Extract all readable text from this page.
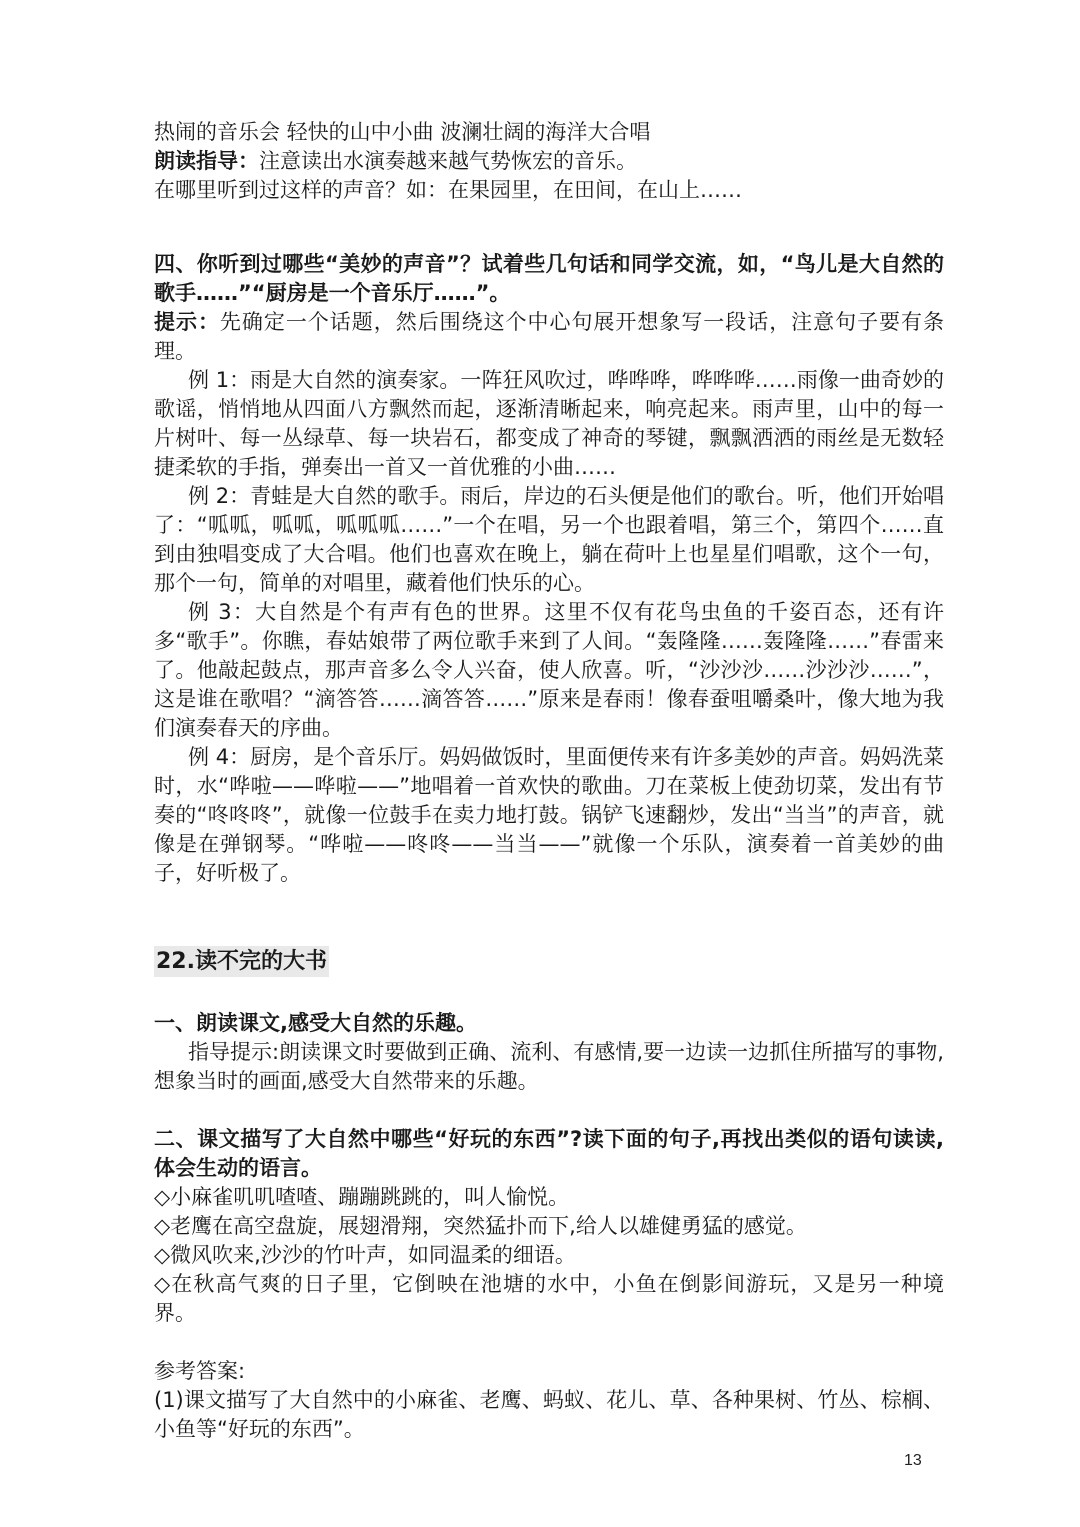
热闹的音乐会 轻快的山中小曲 波澜壮阔的海洋大合唱

朗读指导：注意读出水演奏越来越气势恢宏的音乐。

在哪里听到过这样的声音？如：在果园里，在田间，在山上……

四、你听到过哪些“美妙的声音”？试着些几句话和同学交流，如，“鸟儿是大自然的歌手……”“厨房是一个音乐厅……”。

提示：先确定一个话题，然后围绕这个中心句展开想象写一段话，注意句子要有条理。

例 1：雨是大自然的演奏家。一阵狂风吹过，哗哗哗，哗哗哗……雨像一曲奇妙的歌谣，悄悄地从四面八方飘然而起，逐渐清晰起来，响亮起来。雨声里，山中的每一片树叶、每一丛绿草、每一块岩石，都变成了神奇的琴键，飘飘洒洒的雨丝是无数轻捷柔软的手指，弹奏出一首又一首优雅的小曲……

例 2：青蛙是大自然的歌手。雨后，岸边的石头便是他们的歌台。听，他们开始唱了：“呱呱，呱呱，呱呱呱……”一个在唱，另一个也跟着唱，第三个，第四个……直到由独唱变成了大合唱。他们也喜欢在晚上，躺在荷叶上也星星们唱歌，这个一句，那个一句，简单的对唱里，藏着他们快乐的心。

例 3：大自然是个有声有色的世界。这里不仅有花鸟虫鱼的千姿百态，还有许多“歌手”。你瞧，春姑娘带了两位歌手来到了人间。“轰隆隆……轰隆隆……”春雷来了。他敲起鼓点，那声音多么令人兴奋，使人欣喜。听，“沙沙沙……沙沙沙……”，这是谁在歌唱？“滴答答……滴答答……”原来是春雨！像春蚕咀嚼桑叶，像大地为我们演奏春天的序曲。

例 4：厨房，是个音乐厅。妈妈做饭时，里面便传来有许多美妙的声音。妈妈洗菜时，水“哗啦——哗啦——”地唱着一首欢快的歌曲。刀在菜板上使劲切菜，发出有节奏的“咚咚咚”，就像一位鼓手在卖力地打鼓。锅铲飞速翻炒，发出“当当”的声音，就像是在弹钢琴。“哗啦——咚咚——当当——”就像一个乐队，演奏着一首美妙的曲子，好听极了。

22.读不完的大书

一、朗读课文,感受大自然的乐趣。

指导提示:朗读课文时要做到正确、流利、有感情,要一边读一边抓住所描写的事物,想象当时的画面,感受大自然带来的乐趣。

二、课文描写了大自然中哪些“好玩的东西”?读下面的句子,再找出类似的语句读读,体会生动的语言。

◇小麻雀叽叽喳喳、蹦蹦跳跳的，叫人愉悦。

◇老鹰在高空盘旋，展翅滑翔，突然猛扑而下,给人以雄健勇猛的感觉。

◇微风吹来,沙沙的竹叶声，如同温柔的细语。

◇在秋高气爽的日子里，它倒映在池塘的水中，小鱼在倒影间游玩，又是另一种境界。

参考答案:

(1)课文描写了大自然中的小麻雀、老鹰、蚂蚁、花儿、草、各种果树、竹丛、棕榈、小鱼等“好玩的东西”。

13
